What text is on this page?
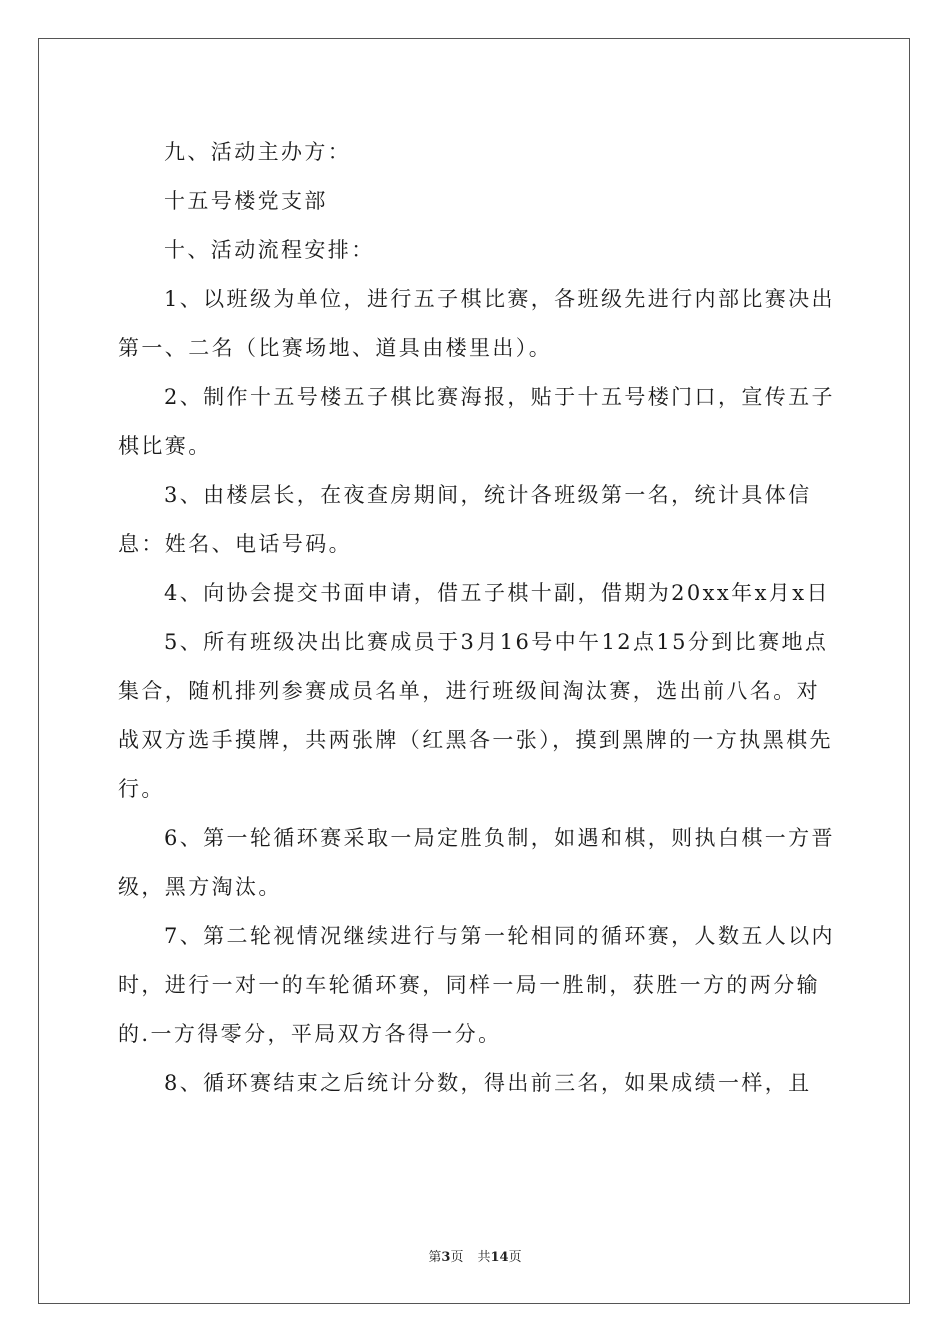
九、活动主办方：

十五号楼党支部

十、活动流程安排：

1、以班级为单位，进行五子棋比赛，各班级先进行内部比赛决出第一、二名（比赛场地、道具由楼里出）。

2、制作十五号楼五子棋比赛海报，贴于十五号楼门口，宣传五子棋比赛。

3、由楼层长，在夜查房期间，统计各班级第一名，统计具体信息：姓名、电话号码。

4、向协会提交书面申请，借五子棋十副，借期为20xx年x月x日

5、所有班级决出比赛成员于3月16号中午12点15分到比赛地点集合，随机排列参赛成员名单，进行班级间淘汰赛，选出前八名。对战双方选手摸牌，共两张牌（红黑各一张），摸到黑牌的一方执黑棋先行。

6、第一轮循环赛采取一局定胜负制，如遇和棋，则执白棋一方晋级，黑方淘汰。

7、第二轮视情况继续进行与第一轮相同的循环赛，人数五人以内时，进行一对一的车轮循环赛，同样一局一胜制，获胜一方的两分输的.一方得零分，平局双方各得一分。

8、循环赛结束之后统计分数，得出前三名，如果成绩一样，且

第3页 共14页
